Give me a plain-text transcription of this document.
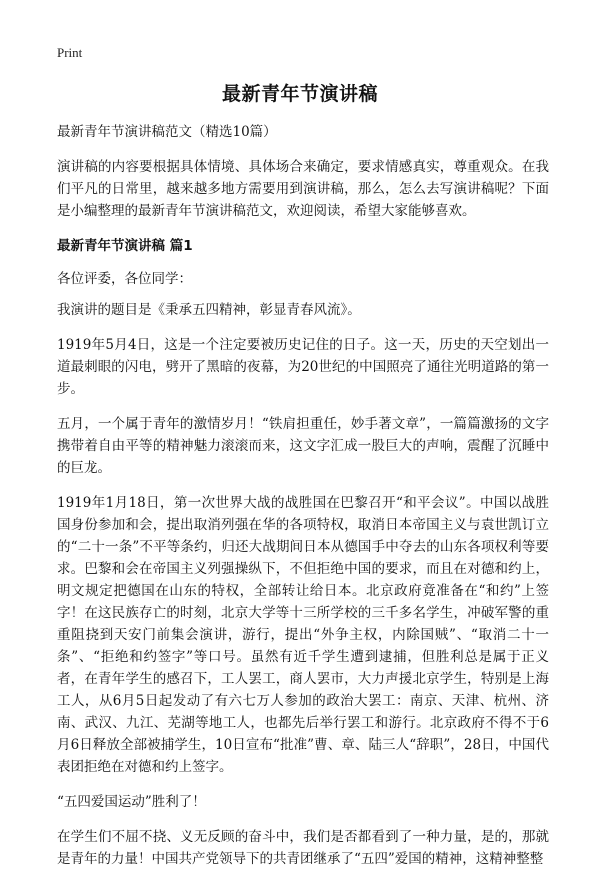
Print
最新青年节演讲稿

最新青年节演讲稿范文（精选10篇）

演讲稿的内容要根据具体情境、具体场合来确定，要求情感真实，尊重观众。在我们平凡的日常里，越来越多地方需要用到演讲稿，那么，怎么去写演讲稿呢？下面是小编整理的最新青年节演讲稿范文，欢迎阅读，希望大家能够喜欢。

最新青年节演讲稿 篇1

各位评委，各位同学：

我演讲的题目是《秉承五四精神，彰显青春风流》。

1919年5月4日，这是一个注定要被历史记住的日子。这一天，历史的天空划出一道最刺眼的闪电，劈开了黑暗的夜幕，为20世纪的中国照亮了通往光明道路的第一步。

五月，一个属于青年的激情岁月！“铁肩担重任，妙手著文章”，一篇篇激扬的文字携带着自由平等的精神魅力滚滚而来，这文字汇成一股巨大的声响，震醒了沉睡中的巨龙。

1919年1月18日，第一次世界大战的战胜国在巴黎召开“和平会议”。中国以战胜国身份参加和会，提出取消列强在华的各项特权，取消日本帝国主义与袁世凯订立的“二十一条”不平等条约，归还大战期间日本从德国手中夺去的山东各项权利等要求。巴黎和会在帝国主义列强操纵下，不但拒绝中国的要求，而且在对德和约上，明文规定把德国在山东的特权，全部转让给日本。北京政府竟准备在“和约”上签字！在这民族存亡的时刻，北京大学等十三所学校的三千多名学生，冲破军警的重重阻挠到天安门前集会演讲，游行，提出“外争主权，内除国贼”、“取消二十一条”、“拒绝和约签字”等口号。虽然有近千学生遭到逮捕，但胜利总是属于正义者，在青年学生的感召下，工人罢工，商人罢市，大力声援北京学生，特别是上海工人，从6月5日起发动了有六七万人参加的政治大罢工：南京、天津、杭州、济南、武汉、九江、芜湖等地工人，也都先后举行罢工和游行。北京政府不得不于6月6日释放全部被捕学生，10日宣布“批准”曹、章、陆三人“辞职”，28日，中国代表团拒绝在对德和约上签字。

“五四爱国运动”胜利了！

在学生们不屈不挠、义无反顾的奋斗中，我们是否都看到了一种力量，是的，那就是青年的力量！中国共产党领导下的共青团继承了“五四”爱国的精神，这精神整整
